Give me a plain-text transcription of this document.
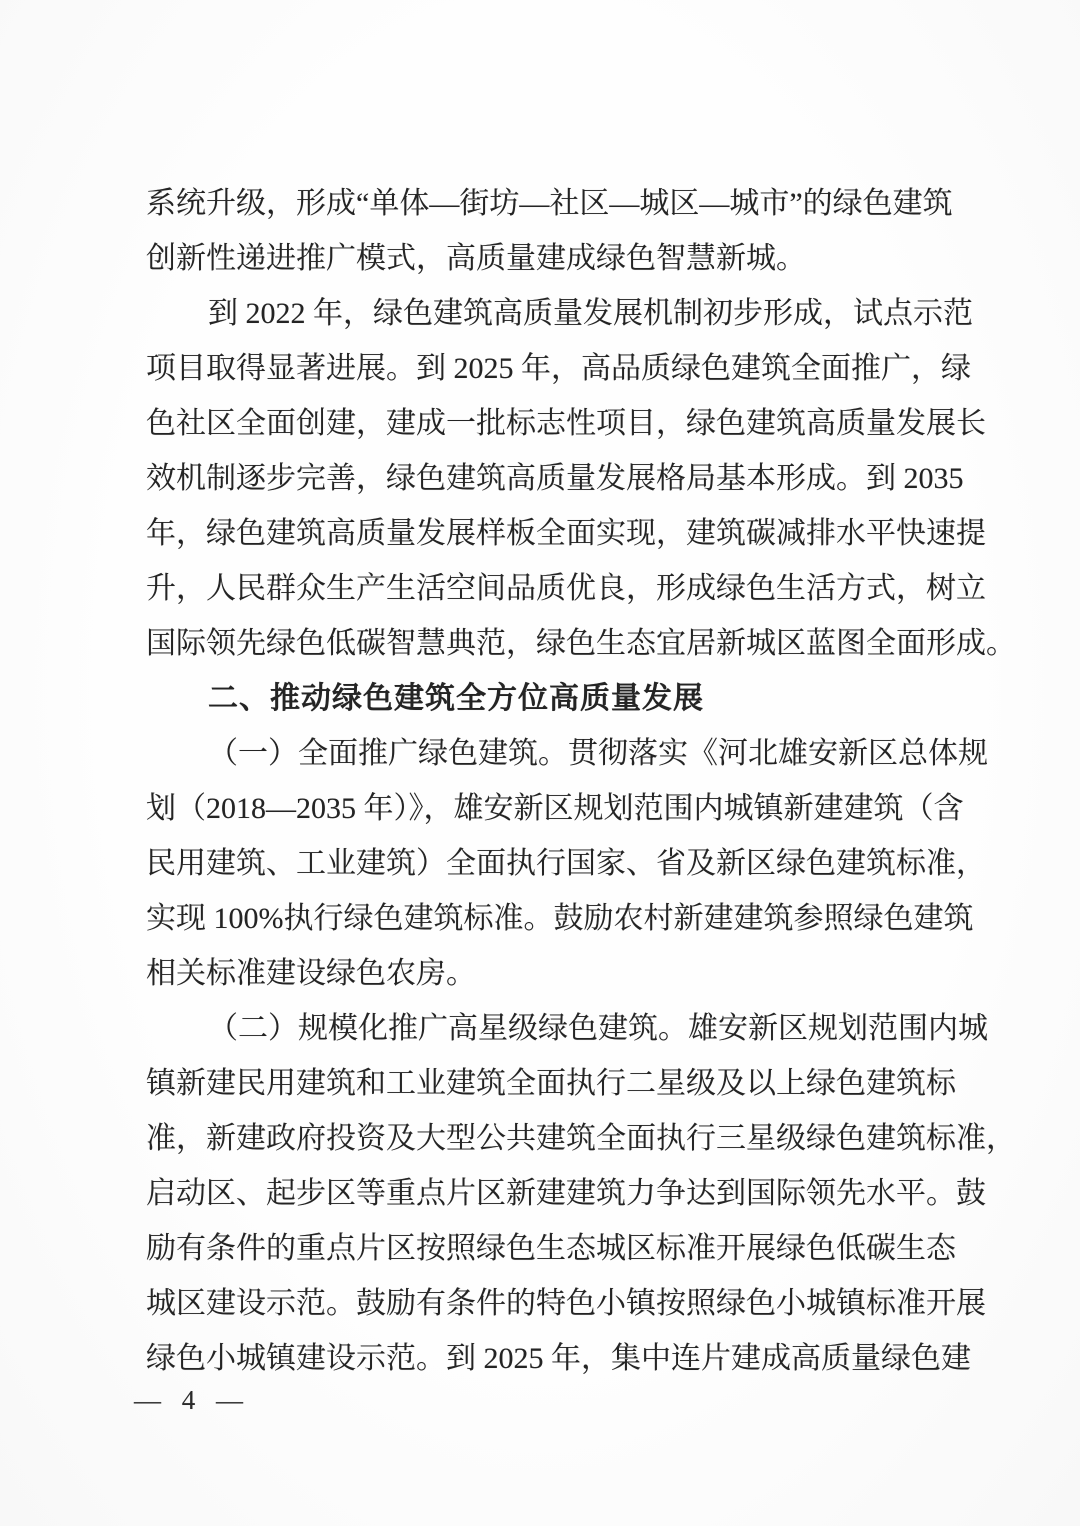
系统升级，形成“单体—街坊—社区—城区—城市”的绿色建筑
创新性递进推广模式，高质量建成绿色智慧新城。
到 2022 年，绿色建筑高质量发展机制初步形成，试点示范
项目取得显著进展。到 2025 年，高品质绿色建筑全面推广，绿
色社区全面创建，建成一批标志性项目，绿色建筑高质量发展长
效机制逐步完善，绿色建筑高质量发展格局基本形成。到 2035
年，绿色建筑高质量发展样板全面实现，建筑碳减排水平快速提
升，人民群众生产生活空间品质优良，形成绿色生活方式，树立
国际领先绿色低碳智慧典范，绿色生态宜居新城区蓝图全面形成。
二、推动绿色建筑全方位高质量发展
（一）全面推广绿色建筑。贯彻落实《河北雄安新区总体规
划（2018—2035 年）》，雄安新区规划范围内城镇新建建筑（含
民用建筑、工业建筑）全面执行国家、省及新区绿色建筑标准，
实现 100%执行绿色建筑标准。鼓励农村新建建筑参照绿色建筑
相关标准建设绿色农房。
（二）规模化推广高星级绿色建筑。雄安新区规划范围内城
镇新建民用建筑和工业建筑全面执行二星级及以上绿色建筑标
准，新建政府投资及大型公共建筑全面执行三星级绿色建筑标准，
启动区、起步区等重点片区新建建筑力争达到国际领先水平。鼓
励有条件的重点片区按照绿色生态城区标准开展绿色低碳生态
城区建设示范。鼓励有条件的特色小镇按照绿色小城镇标准开展
绿色小城镇建设示范。到 2025 年，集中连片建成高质量绿色建
— 4 —
